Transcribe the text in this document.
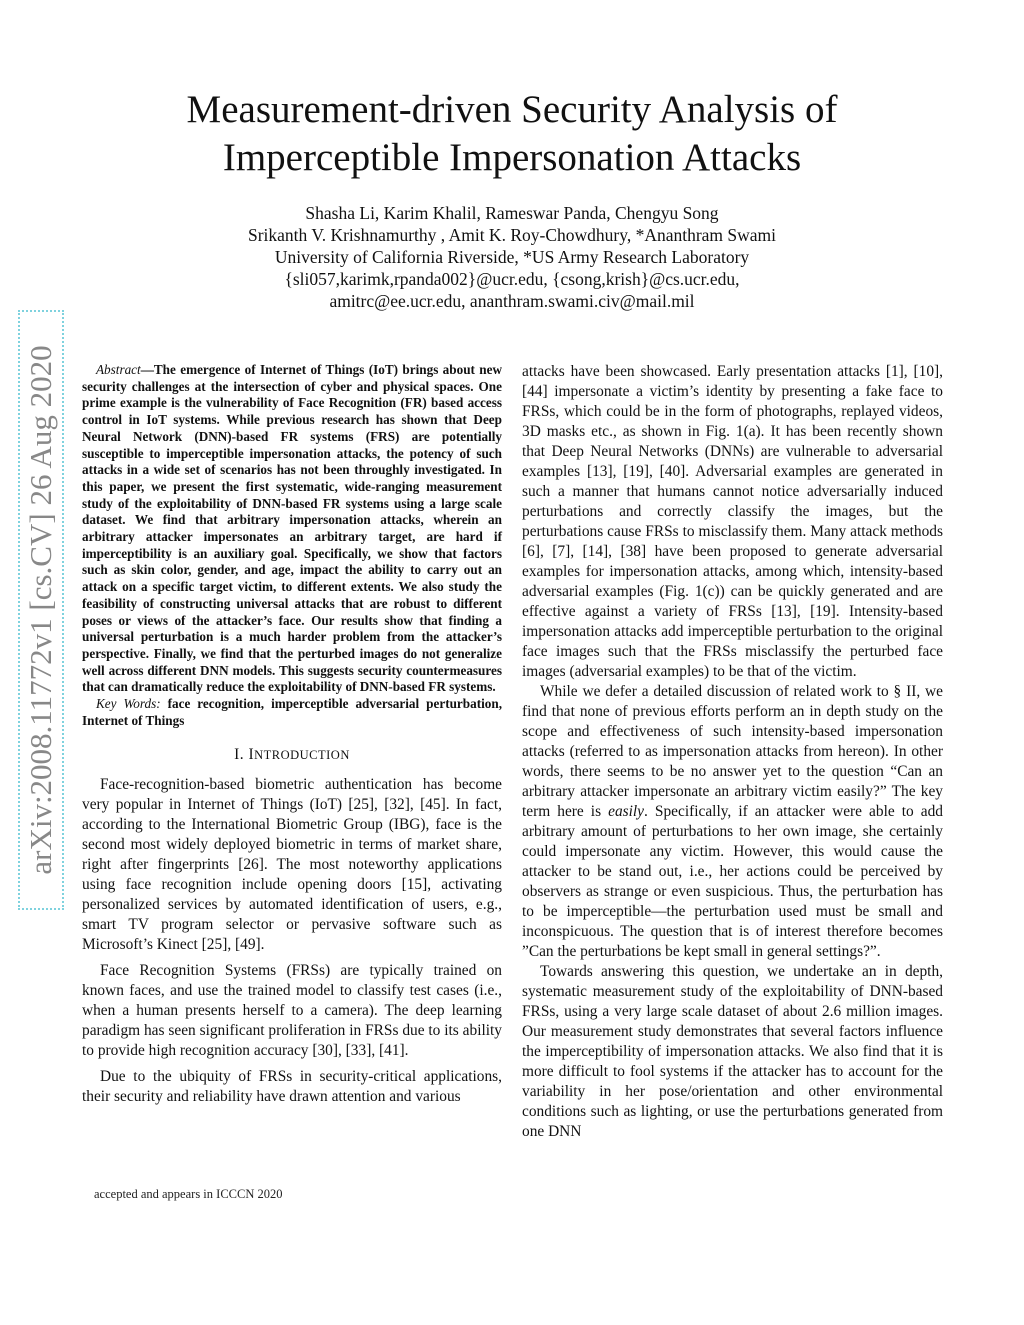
Measurement-driven Security Analysis of
Imperceptible Impersonation Attacks
Shasha Li, Karim Khalil, Rameswar Panda, Chengyu Song
Srikanth V. Krishnamurthy , Amit K. Roy-Chowdhury, *Ananthram Swami
University of California Riverside, *US Army Research Laboratory
{sli057,karimk,rpanda002}@ucr.edu, {csong,krish}@cs.ucr.edu,
amitrc@ee.ucr.edu, ananthram.swami.civ@mail.mil
arXiv:2008.11772v1 [cs.CV] 26 Aug 2020	Abstract—The emergence of Internet of Things (IoT) brings about new security challenges at the intersection of cyber and physical spaces. One prime example is the vulnerability of Face Recognition (FR) based access control in IoT systems. While previous research has shown that Deep Neural Network (DNN)-based FR systems (FRS) are potentially susceptible to imperceptible impersonation attacks, the potency of such attacks in a wide set of scenarios has not been throughly investigated. In this paper, we present the first systematic, wide-ranging measurement study of the exploitability of DNN-based FR systems using a large scale dataset. We find that arbitrary impersonation attacks, wherein an arbitrary attacker impersonates an arbitrary target, are hard if imperceptibility is an auxiliary goal. Specifically, we show that factors such as skin color, gender, and age, impact the ability to carry out an attack on a specific target victim, to different extents. We also study the feasibility of constructing universal attacks that are robust to different poses or views of the attacker’s face. Our results show that finding a universal perturbation is a much harder problem from the attacker’s perspective. Finally, we find that the perturbed images do not generalize well across different DNN models. This suggests security countermeasures that can dramatically reduce the exploitability of DNN-based FR systems.

Key Words: face recognition, imperceptible adversarial perturbation, Internet of Things

I. INTRODUCTION

Face-recognition-based biometric authentication has become very popular in Internet of Things (IoT) [25], [32], [45]. In fact, according to the International Biometric Group (IBG), face is the second most widely deployed biometric in terms of market share, right after fingerprints [26]. The most noteworthy applications using face recognition include opening doors [15], activating personalized services by automated identification of users, e.g., smart TV program selector or pervasive software such as Microsoft’s Kinect [25], [49].

Face Recognition Systems (FRSs) are typically trained on known faces, and use the trained model to classify test cases (i.e., when a human presents herself to a camera). The deep learning paradigm has seen significant proliferation in FRSs due to its ability to provide high recognition accuracy [30], [33], [41].

Due to the ubiquity of FRSs in security-critical applications, their security and reliability have drawn attention and various

attacks have been showcased. Early presentation attacks [1], [10], [44] impersonate a victim’s identity by presenting a fake face to FRSs, which could be in the form of photographs, replayed videos, 3D masks etc., as shown in Fig. 1(a). It has been recently shown that Deep Neural Networks (DNNs) are vulnerable to adversarial examples [13], [19], [40]. Adversarial examples are generated in such a manner that humans cannot notice adversarially induced perturbations and correctly classify the images, but the perturbations cause FRSs to misclassify them. Many attack methods [6], [7], [14], [38] have been proposed to generate adversarial examples for impersonation attacks, among which, intensity-based adversarial examples (Fig. 1(c)) can be quickly generated and are effective against a variety of FRSs [13], [19]. Intensity-based impersonation attacks add imperceptible perturbation to the original face images such that the FRSs misclassify the perturbed face images (adversarial examples) to be that of the victim.

While we defer a detailed discussion of related work to § II, we find that none of previous efforts perform an in depth study on the scope and effectiveness of such intensity-based impersonation attacks (referred to as impersonation attacks from hereon). In other words, there seems to be no answer yet to the question “Can an arbitrary attacker impersonate an arbitrary victim easily?” The key term here is easily. Specifically, if an attacker were able to add arbitrary amount of perturbations to her own image, she certainly could impersonate any victim. However, this would cause the attacker to be stand out, i.e., her actions could be perceived by observers as strange or even suspicious. Thus, the perturbation has to be imperceptible—the perturbation used must be small and inconspicuous. The question that is of interest therefore becomes ”Can the perturbations be kept small in general settings?”.

Towards answering this question, we undertake an in depth, systematic measurement study of the exploitability of DNN-based FRSs, using a very large scale dataset of about 2.6 million images. Our measurement study demonstrates that several factors influence the imperceptibility of impersonation attacks. We also find that it is more difficult to fool systems if the attacker has to account for the variability in her pose/orientation and other environmental conditions such as lighting, or use the perturbations generated from one DNN

accepted and appears in ICCCN 2020
